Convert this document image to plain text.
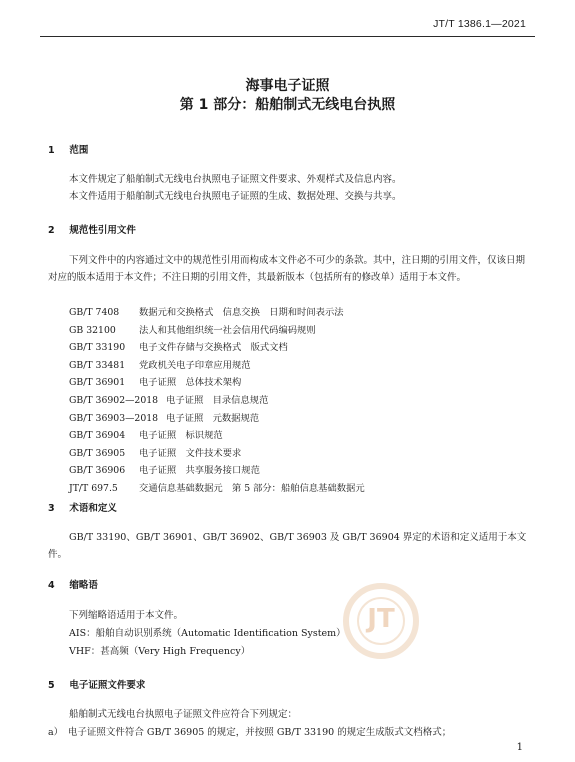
JT/T 1386.1—2021
海事电子证照
第 1 部分：船舶制式无线电台执照
1 范围
本文件规定了船舶制式无线电台执照电子证照文件要求、外观样式及信息内容。
本文件适用于船舶制式无线电台执照电子证照的生成、数据处理、交换与共享。
2 规范性引用文件
下列文件中的内容通过文中的规范性引用而构成本文件必不可少的条款。其中，注日期的引用文件，仅该日期对应的版本适用于本文件；不注日期的引用文件，其最新版本（包括所有的修改单）适用于本文件。
GB/T 7408 数据元和交换格式　信息交换　日期和时间表示法
GB 32100 法人和其他组织统一社会信用代码编码规则
GB/T 33190 电子文件存储与交换格式　版式文档
GB/T 33481 党政机关电子印章应用规范
GB/T 36901 电子证照　总体技术架构
GB/T 36902—2018 电子证照　目录信息规范
GB/T 36903—2018 电子证照　元数据规范
GB/T 36904 电子证照　标识规范
GB/T 36905 电子证照　文件技术要求
GB/T 36906 电子证照　共享服务接口规范
JT/T 697.5 交通信息基础数据元　第 5 部分：船舶信息基础数据元
3 术语和定义
GB/T 33190、GB/T 36901、GB/T 36902、GB/T 36903 及 GB/T 36904 界定的术语和定义适用于本文件。
4 缩略语
JT
下列缩略语适用于本文件。
AIS：船舶自动识别系统（Automatic Identification System）
VHF：甚高频（Very High Frequency）
5 电子证照文件要求
船舶制式无线电台执照电子证照文件应符合下列规定：
a）　电子证照文件符合 GB/T 36905 的规定，并按照 GB/T 33190 的规定生成版式文档格式；
1
